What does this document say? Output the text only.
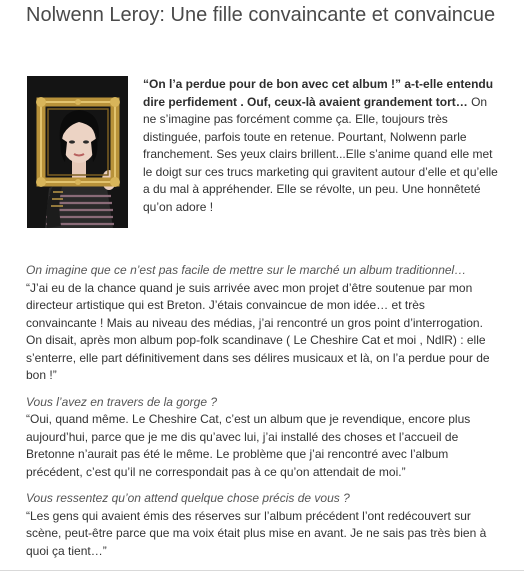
Nolwenn Leroy: Une fille convaincante et convaincue

“On l’a perdue pour de bon avec cet album !” a-t-elle entendu dire perfidement . Ouf, ceux-là avaient grandement tort… On ne s’imagine pas forcément comme ça. Elle, toujours très distinguée, parfois toute en retenue. Pourtant, Nolwenn parle franchement. Ses yeux clairs brillent...Elle s’anime quand elle met le doigt sur ces trucs marketing qui gravitent autour d’elle et qu’elle a du mal à appréhender. Elle se révolte, un peu. Une honnêteté qu’on adore !

On imagine que ce n’est pas facile de mettre sur le marché un album traditionnel…

“J’ai eu de la chance quand je suis arrivée avec mon projet d’être soutenue par mon directeur artistique qui est Breton. J’étais convaincue de mon idée… et très convaincante ! Mais au niveau des médias, j’ai rencontré un gros point d’interrogation. On disait, après mon album pop-folk scandinave ( Le Cheshire Cat et moi , NdlR) : elle s’enterre, elle part définitivement dans ses délires musicaux et là, on l’a perdue pour de bon !”

Vous l’avez en travers de la gorge ?

“Oui, quand même. Le Cheshire Cat, c’est un album que je revendique, encore plus aujourd’hui, parce que je me dis qu’avec lui, j’ai installé des choses et l’accueil de Bretonne n’aurait pas été le même. Le problème que j’ai rencontré avec l’album précédent, c’est qu’il ne correspondait pas à ce qu’on attendait de moi.”

Vous ressentez qu’on attend quelque chose précis de vous ?

“Les gens qui avaient émis des réserves sur l’album précédent l’ont redécouvert sur scène, peut-être parce que ma voix était plus mise en avant. Je ne sais pas très bien à quoi ça tient…”
